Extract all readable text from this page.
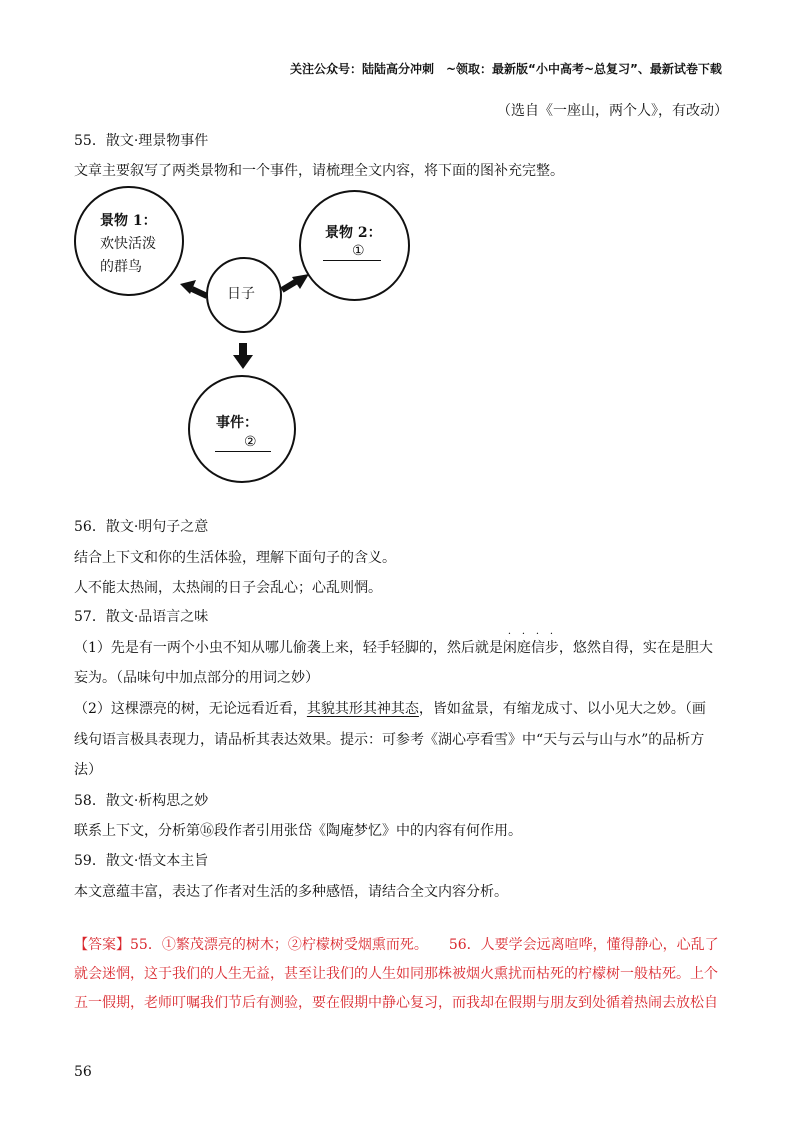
关注公众号：陆陆高分冲刺　~领取：最新版“小中高考~总复习”、最新试卷下载
（选自《一座山，两个人》，有改动）
55．散文·理景物事件
文章主要叙写了两类景物和一个事件，请梳理全文内容，将下面的图补充完整。
景物 1：
欢快活泼
的群鸟
日子
景物 2：
①
事件：
②
56．散文·明句子之意
结合上下文和你的生活体验，理解下面句子的含义。
人不能太热闹，太热闹的日子会乱心；心乱则惘。
57．散文·品语言之味
（1）先是有一两个小虫不知从哪儿偷袭上来，轻手轻脚的，然后就是
·
闲
·
庭
·
信
·
步，悠然自得，实在是胆大
妄为。（品味句中加点部分的用词之妙）
（2）这棵漂亮的树，无论远看近看，其貌其形其神其态，皆如盆景，有缩龙成寸、以小见大之妙。（画
线句语言极具表现力，请品析其表达效果。提示：可参考《湖心亭看雪》中“天与云与山与水”的品析方
法）
58．散文·析构思之妙
联系上下文，分析第⑯段作者引用张岱《陶庵梦忆》中的内容有何作用。
59．散文·悟文本主旨
本文意蕴丰富，表达了作者对生活的多种感悟，请结合全文内容分析。
【答案】55．①繁茂漂亮的树木；②柠檬树受烟熏而死。　　56．人要学会远离喧哗，懂得静心，心乱了
就会迷惘，这于我们的人生无益，甚至让我们的人生如同那株被烟火熏扰而枯死的柠檬树一般枯死。上个
五一假期，老师叮嘱我们节后有测验，要在假期中静心复习，而我却在假期与朋友到处循着热闹去放松自
56
